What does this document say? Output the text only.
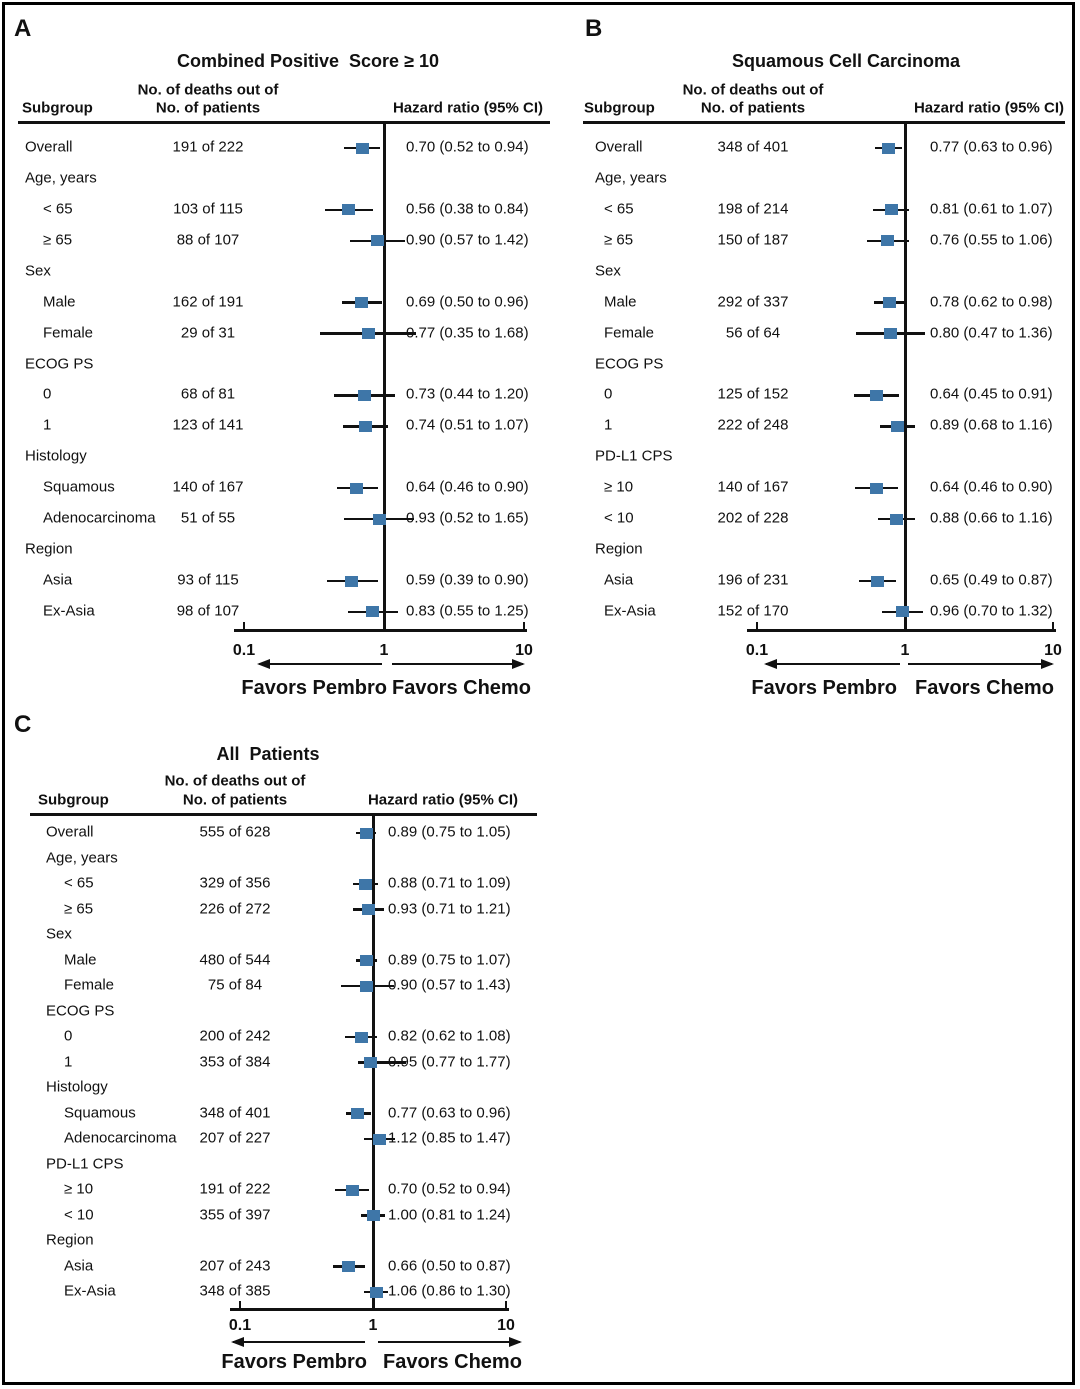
A
Combined Positive  Score ≥ 10
Subgroup
No. of deaths out of
No. of patients	Hazard ratio (95% CI)
Overall	191 of 222	0.70 (0.52 to 0.94)
Age, years
< 65	103 of 115	0.56 (0.38 to 0.84)
≥ 65	88 of 107	0.90 (0.57 to 1.42)
Sex
Male	162 of 191	0.69 (0.50 to 0.96)
Female	29 of 31	0.77 (0.35 to 1.68)
ECOG PS
0	68 of 81	0.73 (0.44 to 1.20)
1	123 of 141	0.74 (0.51 to 1.07)
Histology
Squamous	140 of 167	0.64 (0.46 to 0.90)
Adenocarcinoma 51 of 55	0.93 (0.52 to 1.65)
Region
Asia	93 of 115	0.59 (0.39 to 0.90)
Ex-Asia	98 of 107	0.83 (0.55 to 1.25)
0.1	1	10
Favors Pembro Favors Chemo
B
Squamous Cell Carcinoma
Subgroup
No. of deaths out of
No. of patients	Hazard ratio (95% CI)
Overall	348 of 401	0.77 (0.63 to 0.96)
Age, years
< 65	198 of 214	0.81 (0.61 to 1.07)
≥ 65	150 of 187	0.76 (0.55 to 1.06)
Sex
Male	292 of 337	0.78 (0.62 to 0.98)
Female	56 of 64	0.80 (0.47 to 1.36)
ECOG PS
0	125 of 152	0.64 (0.45 to 0.91)
1	222 of 248	0.89 (0.68 to 1.16)
PD-L1 CPS
≥ 10	140 of 167	0.64 (0.46 to 0.90)
< 10	202 of 228	0.88 (0.66 to 1.16)
Region
Asia	196 of 231	0.65 (0.49 to 0.87)
Ex-Asia	152 of 170	0.96 (0.70 to 1.32)
0.1	1	10
Favors Pembro Favors Chemo
C
All  Patients
Subgroup
No. of deaths out of
No. of patients	Hazard ratio (95% CI)
Overall	555 of 628	0.89 (0.75 to 1.05)
Age, years
< 65	329 of 356	0.88 (0.71 to 1.09)
≥ 65	226 of 272	0.93 (0.71 to 1.21)
Sex
Male	480 of 544	0.89 (0.75 to 1.07)
Female	75 of 84	0.90 (0.57 to 1.43)
ECOG PS
0	200 of 242	0.82 (0.62 to 1.08)
1	353 of 384	0.95 (0.77 to 1.77)
Histology
Squamous	348 of 401	0.77 (0.63 to 0.96)
Adenocarcinoma 207 of 227	1.12 (0.85 to 1.47)
PD-L1 CPS
≥ 10	191 of 222	0.70 (0.52 to 0.94)
< 10	355 of 397	1.00 (0.81 to 1.24)
Region
Asia	207 of 243	0.66 (0.50 to 0.87)
Ex-Asia	348 of 385	1.06 (0.86 to 1.30)
0.1	1	10
Favors Pembro Favors Chemo
